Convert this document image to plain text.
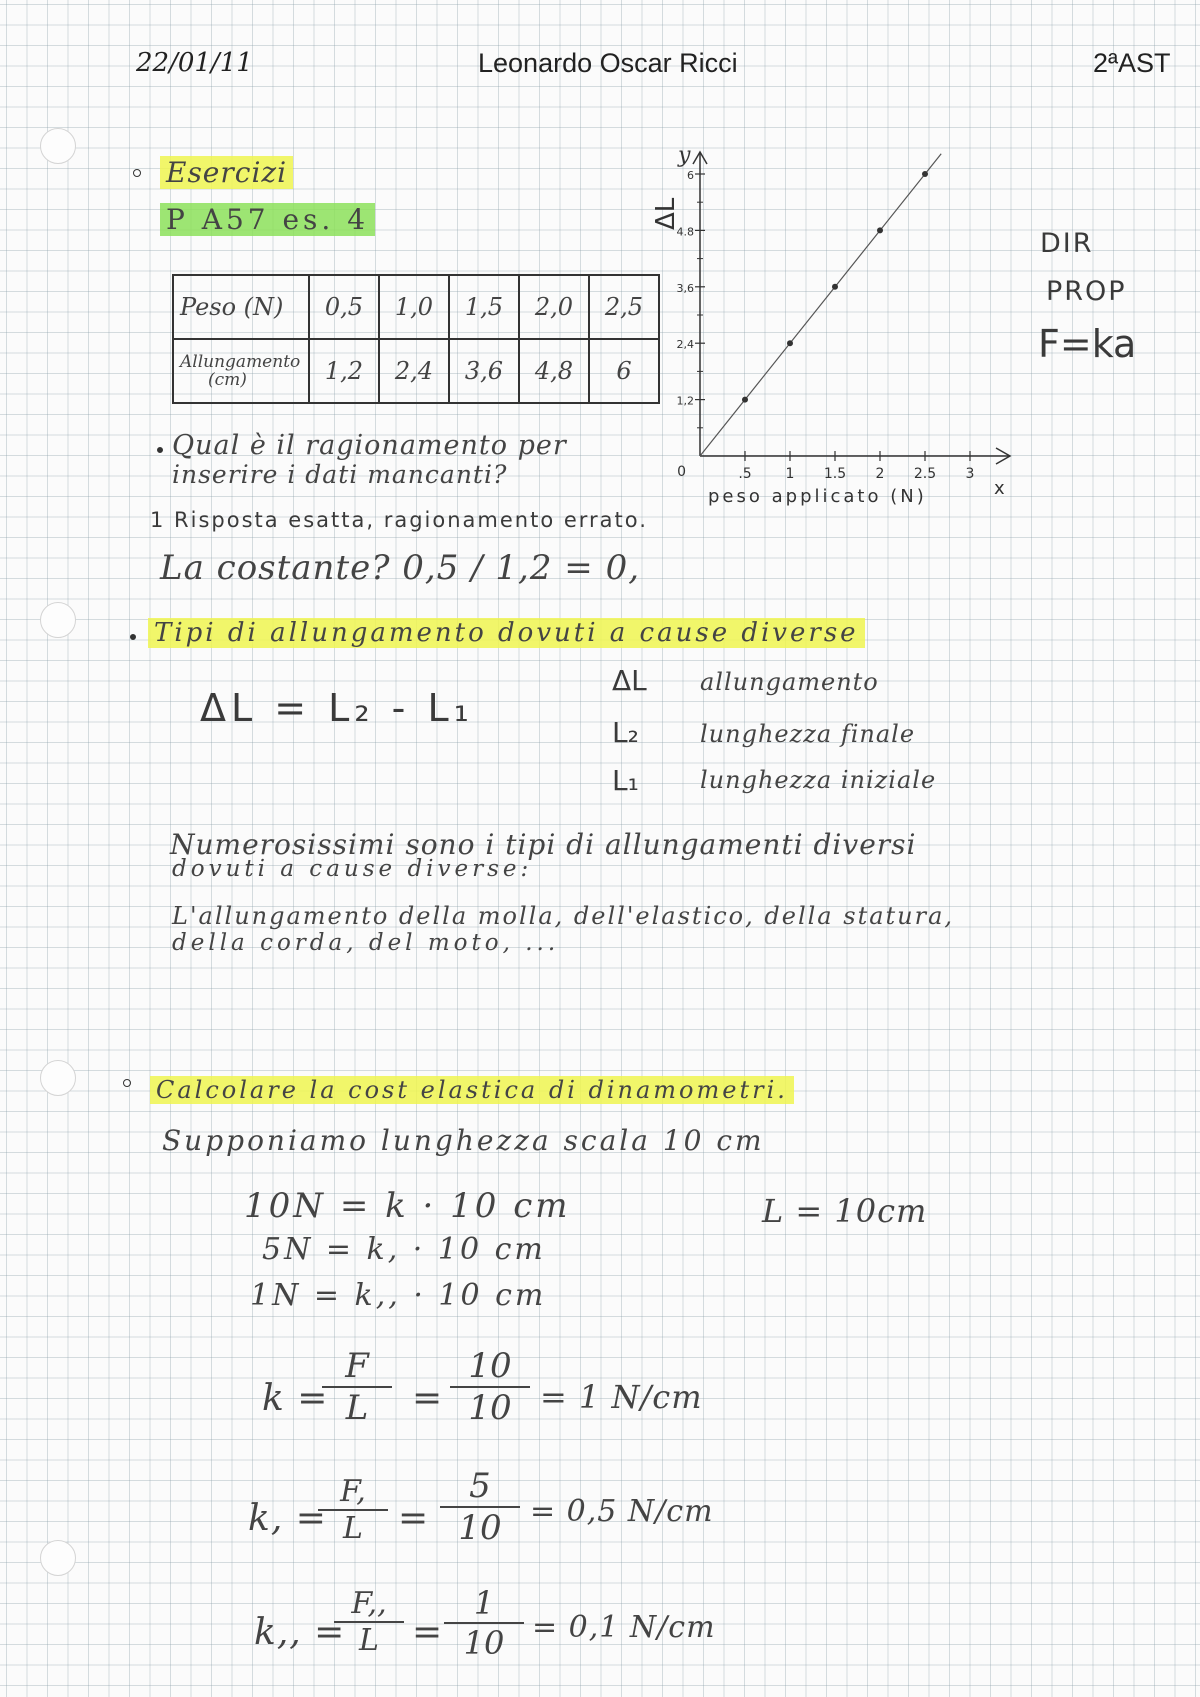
22/01/11	Leonardo Oscar Ricci	2ªAST
Esercizi
P A57 es. 4
Peso (N)	0,5	1,0	1,5	2,0	2,5
Allungamento
(cm)	1,2	2,4	3,6	4,8	6
y
x
0
ΔL
peso applicato (N)
.5 1 1.5 2 2.5 3
1,2
2,4
3,6
4.8
6
DIR
PROP
F=ka
Qual è il ragionamento per
inserire i dati mancanti?
1 Risposta esatta, ragionamento errato.
La costante? 0,5 / 1,2 = 0,
Tipi di allungamento dovuti a cause diverse
ΔL = L₂ - L₁
ΔL allungamento
L₂	lunghezza finale
L₁	lunghezza iniziale
Numerosissimi sono i tipi di allungamenti diversi
dovuti a cause diverse:
L'allungamento della molla, dell'elastico, della statura,
della corda, del moto, ...
Calcolare la cost elastica di dinamometri.
Supponiamo lunghezza scala 10 cm
10N = k · 10 cm
5N = k, · 10 cm
1N = k,, · 10 cm
L = 10cm
k =
$\frac{F}{L} = \frac{10}{10} = 1$ N/cm
k, =
$\frac{F,}{L} = \frac{5}{10} = 0,5$ N/cm
k,, =
$\frac{F,,}{L} = \frac{1}{10} = 0,1$ N/cm
